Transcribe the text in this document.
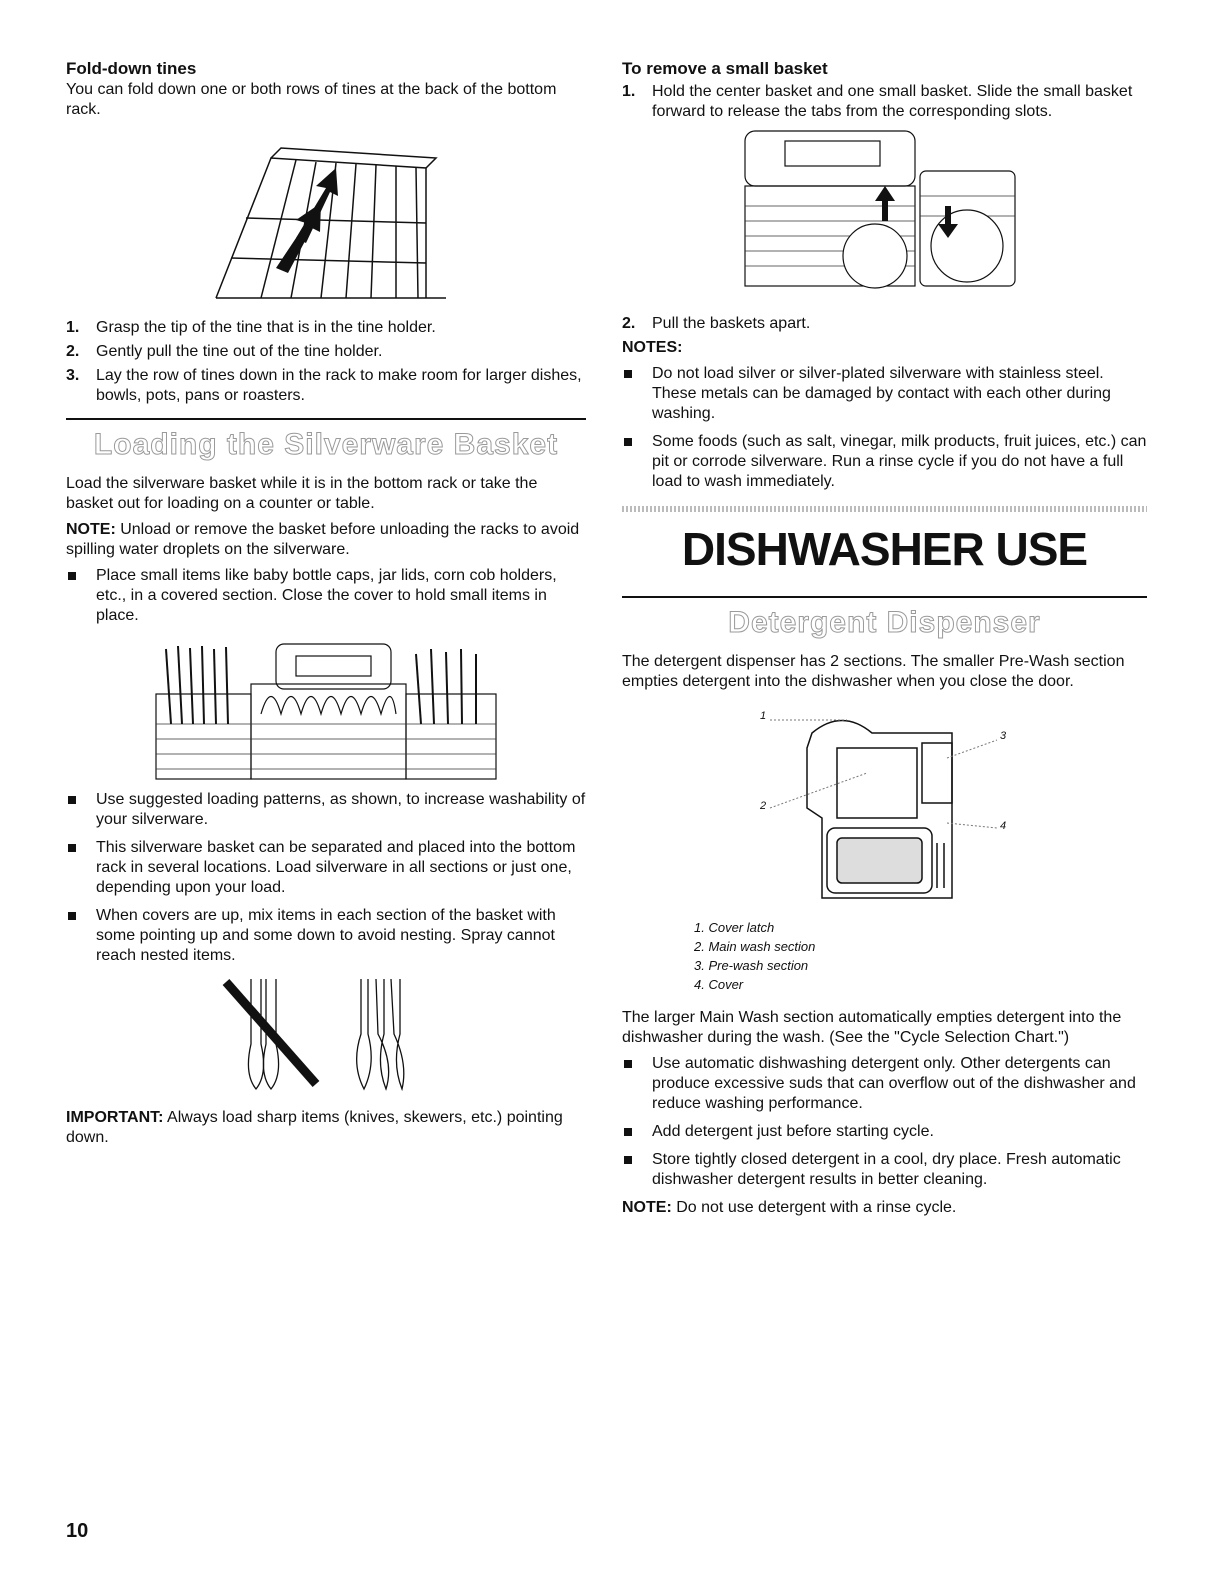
Fold-down tines

You can fold down one or both rows of tines at the back of the bottom rack.

1.	Grasp the tip of the tine that is in the tine holder.
2.	Gently pull the tine out of the tine holder.
3.	Lay the row of tines down in the rack to make room for larger dishes, bowls, pots, pans or roasters.
Loading the Silverware Basket

Load the silverware basket while it is in the bottom rack or take the basket out for loading on a counter or table.

NOTE: Unload or remove the basket before unloading the racks to avoid spilling water droplets on the silverware.

Place small items like baby bottle caps, jar lids, corn cob holders, etc., in a covered section. Close the cover to hold small items in place.
Use suggested loading patterns, as shown, to increase washability of your silverware.
This silverware basket can be separated and placed into the bottom rack in several locations. Load silverware in all sections or just one, depending upon your load.
When covers are up, mix items in each section of the basket with some pointing up and some down to avoid nesting. Spray cannot reach nested items.

IMPORTANT: Always load sharp items (knives, skewers, etc.) pointing down.

To remove a small basket
1.	Hold the center basket and one small basket. Slide the small basket forward to release the tabs from the corresponding slots.
2.	Pull the baskets apart.

NOTES:

Do not load silver or silver-plated silverware with stainless steel. These metals can be damaged by contact with each other during washing.
Some foods (such as salt, vinegar, milk products, fruit juices, etc.) can pit or corrode silverware. Run a rinse cycle if you do not have a full load to wash immediately.
DISHWASHER USE
Detergent Dispenser

The detergent dispenser has 2 sections. The smaller Pre-Wash section empties detergent into the dishwasher when you close the door.

1
2
3
4
1. Cover latch
2. Main wash section
3. Pre-wash section
4. Cover

The larger Main Wash section automatically empties detergent into the dishwasher during the wash. (See the "Cycle Selection Chart.")

Use automatic dishwashing detergent only. Other detergents can produce excessive suds that can overflow out of the dishwasher and reduce washing performance.
Add detergent just before starting cycle.
Store tightly closed detergent in a cool, dry place. Fresh automatic dishwasher detergent results in better cleaning.

NOTE: Do not use detergent with a rinse cycle.

10
